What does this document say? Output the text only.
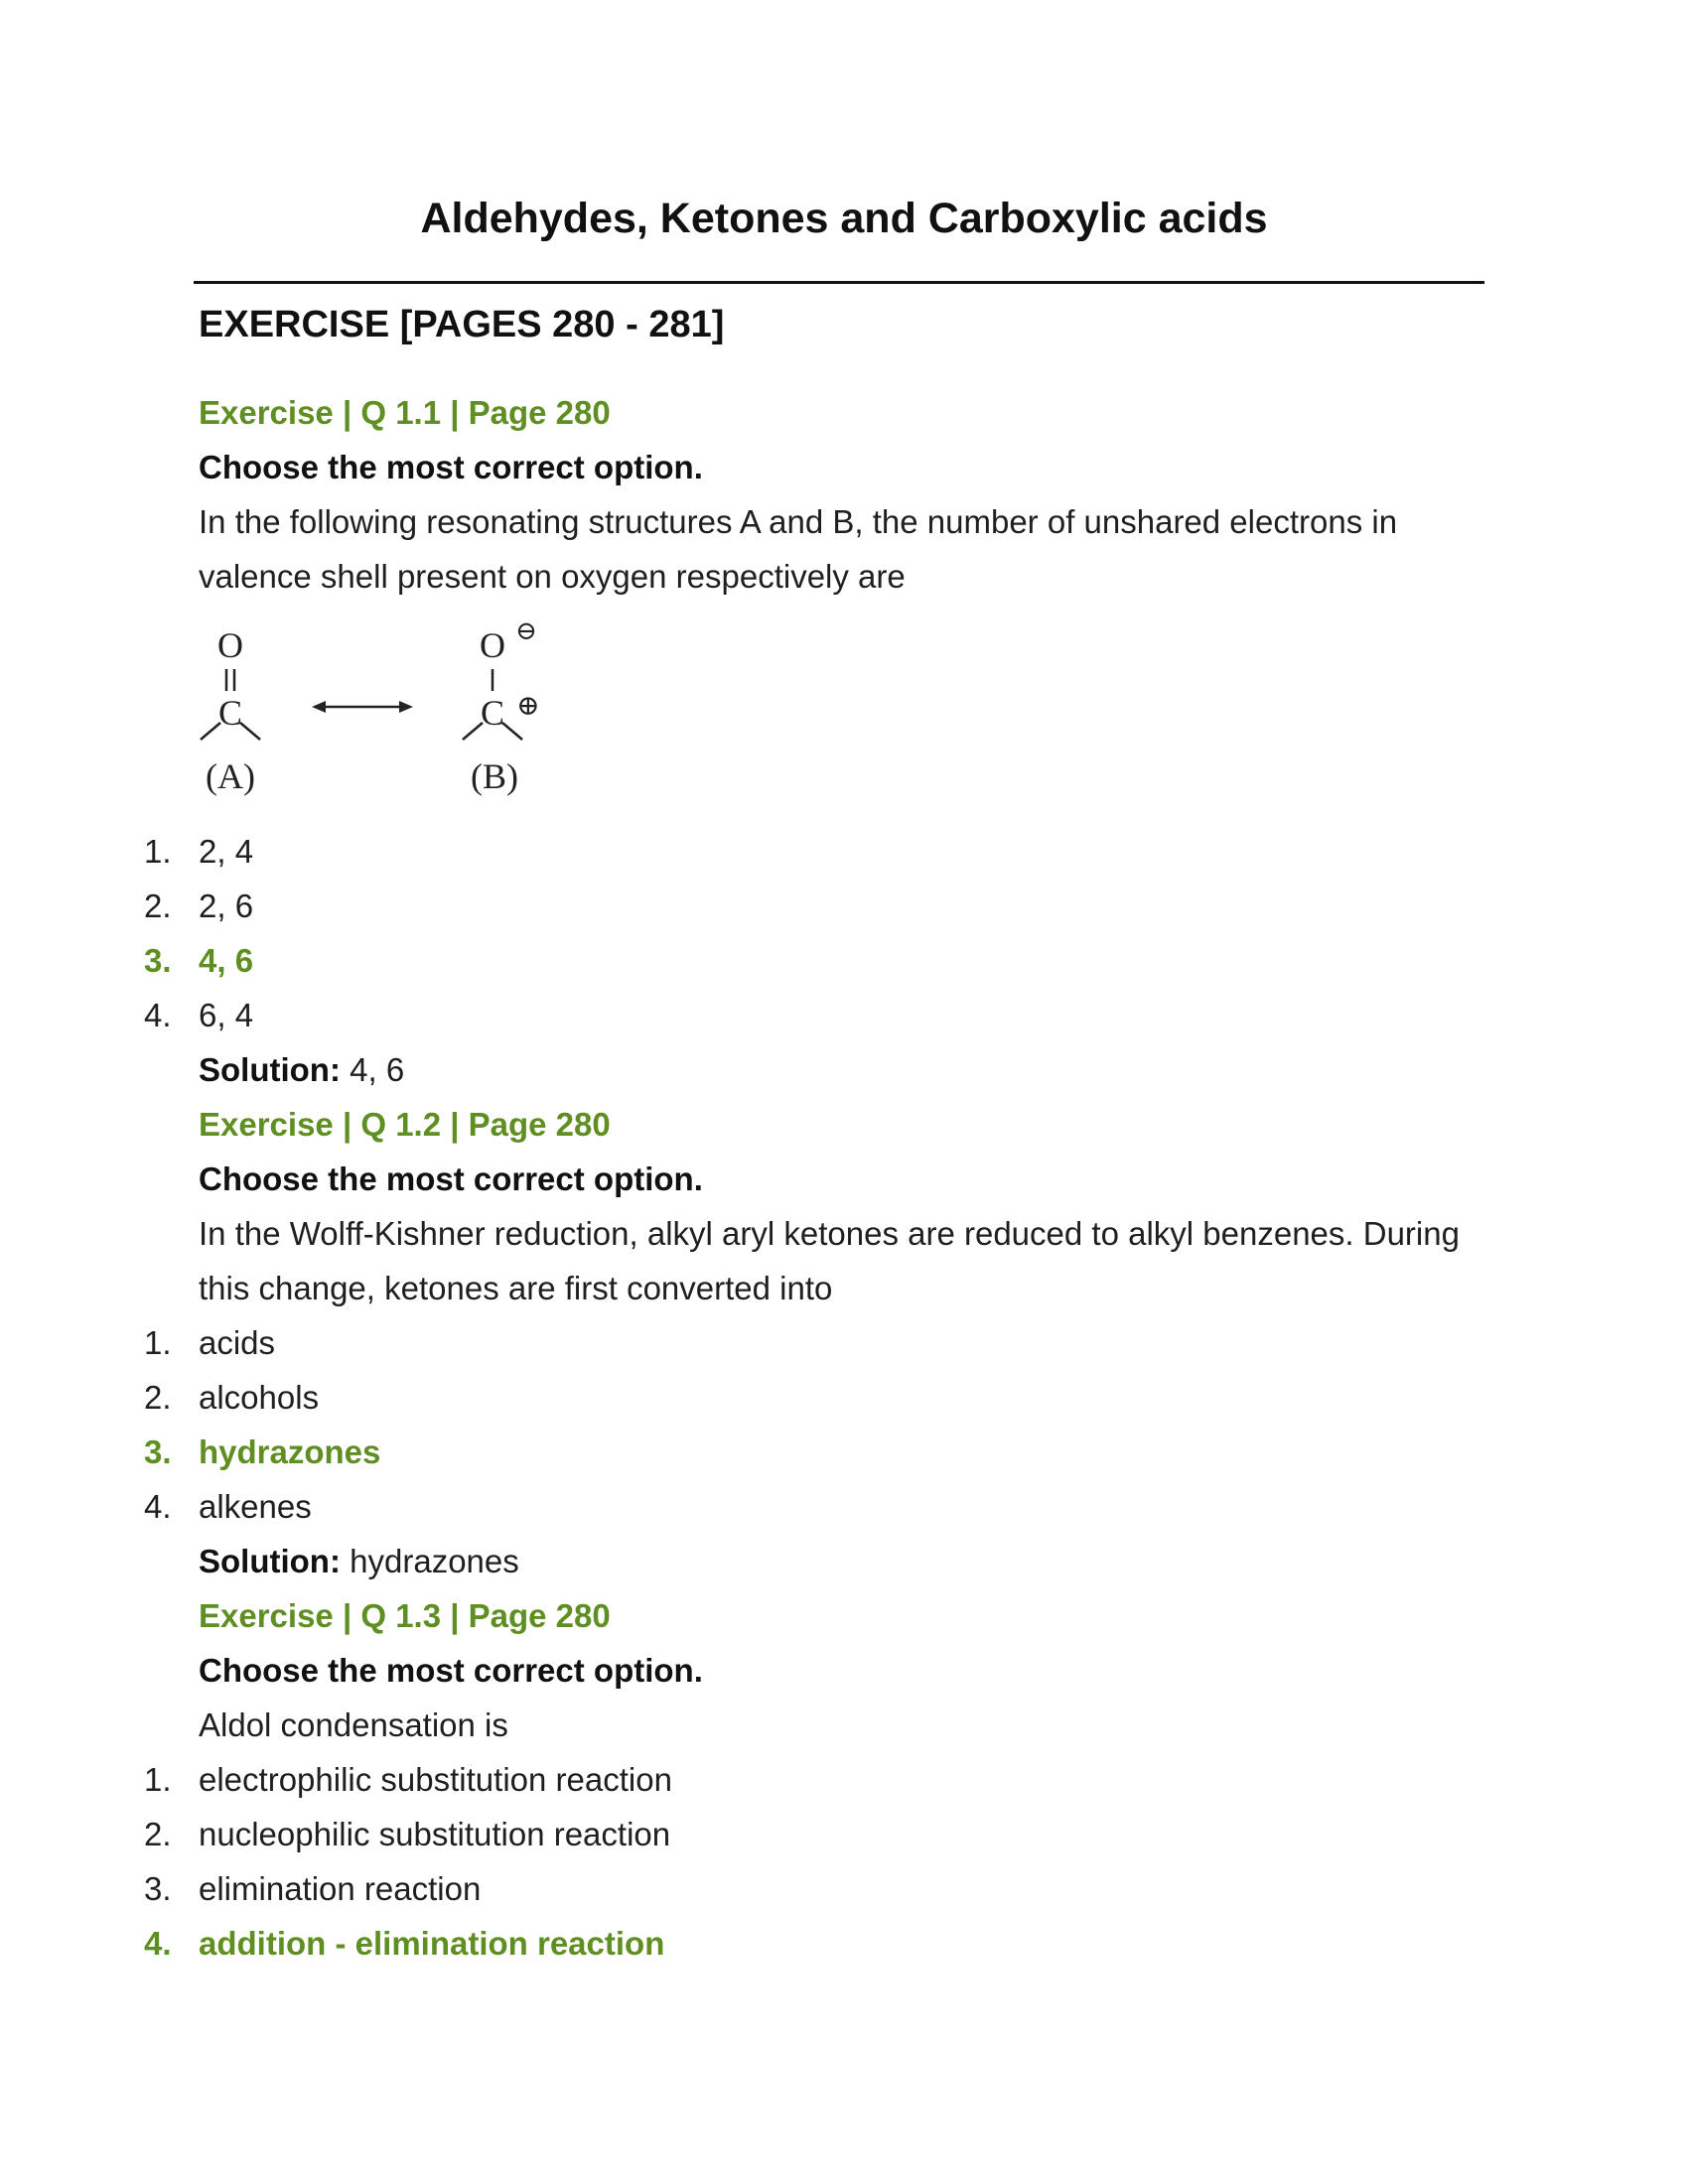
Aldehydes, Ketones and Carboxylic acids
EXERCISE [PAGES 280 - 281]
Exercise | Q 1.1 | Page 280
Choose the most correct option.
In the following resonating structures A and B, the number of unshared electrons in
valence shell present on oxygen respectively are
O
C
(A)
O ⊖
C ⊕
(B)
1. 2, 4
2. 2, 6
3. 4, 6
4. 6, 4
Solution: 4, 6
Exercise | Q 1.2 | Page 280
Choose the most correct option.
In the Wolff-Kishner reduction, alkyl aryl ketones are reduced to alkyl benzenes. During
this change, ketones are first converted into
1. acids
2. alcohols
3. hydrazones
4. alkenes
Solution: hydrazones
Exercise | Q 1.3 | Page 280
Choose the most correct option.
Aldol condensation is
1. electrophilic substitution reaction
2. nucleophilic substitution reaction
3. elimination reaction
4. addition - elimination reaction
